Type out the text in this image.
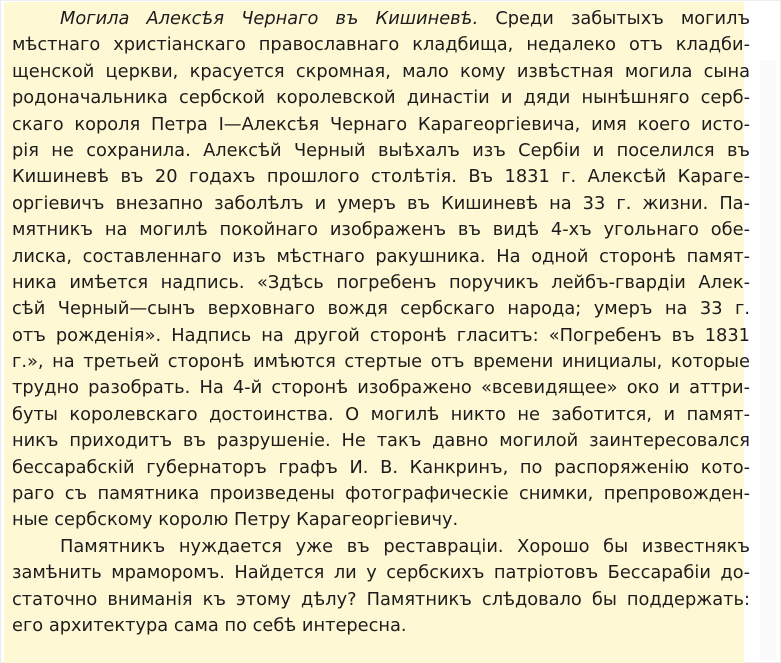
Могила Алексѣя Чернаго въ Кишиневѣ. Среди забытыхъ могилъ
мѣстнаго христіанскаго православнаго кладбища, недалеко отъ кладби-
щенской церкви, красуется скромная, мало кому извѣстная могила сына
родоначальника сербской королевской династіи и дяди нынѣшняго серб-
скаго короля Петра I—Алексѣя Чернаго Карагеоргіевича, имя коего исто-
рія не сохранила. Алексѣй Черный выѣхалъ изъ Сербіи и поселился въ
Кишиневѣ въ 20 годахъ прошлого столѣтія. Въ 1831 г. Алексѣй Караге-
оргіевичъ внезапно заболѣлъ и умеръ въ Кишиневѣ на 33 г. жизни. Па-
мятникъ на могилѣ покойнаго изображенъ въ видѣ 4-хъ угольнаго обе-
лиска, составленнаго изъ мѣстнаго ракушника. На одной сторонѣ памят-
ника имѣется надпись. «Здѣсь погребенъ поручикъ лейбъ-гвардіи Алек-
сѣй Черный—сынъ верховнаго вождя сербскаго народа; умеръ на 33 г.
отъ рожденія». Надпись на другой сторонѣ гласитъ: «Погребенъ въ 1831
г.», на третьей сторонѣ имѣются стертые отъ времени инициалы, которые
трудно разобрать. На 4-й сторонѣ изображено «всевидящее» око и аттри-
буты королевскаго достоинства. О могилѣ никто не заботится, и памят-
никъ приходитъ въ разрушеніе. Не такъ давно могилой заинтересовался
бессарабскій губернаторъ графъ И. В. Канкринъ, по распоряженію кото-
раго съ памятника произведены фотографическіе снимки, препровожден-
ные сербскому королю Петру Карагеоргіевичу.
Памятникъ нуждается уже въ реставраціи. Хорошо бы известнякъ
замѣнить мраморомъ. Найдется ли у сербскихъ патріотовъ Бессарабіи до-
статочно вниманія къ этому дѣлу? Памятникъ слѣдовало бы поддержать:
его архитектура сама по себѣ интересна.
